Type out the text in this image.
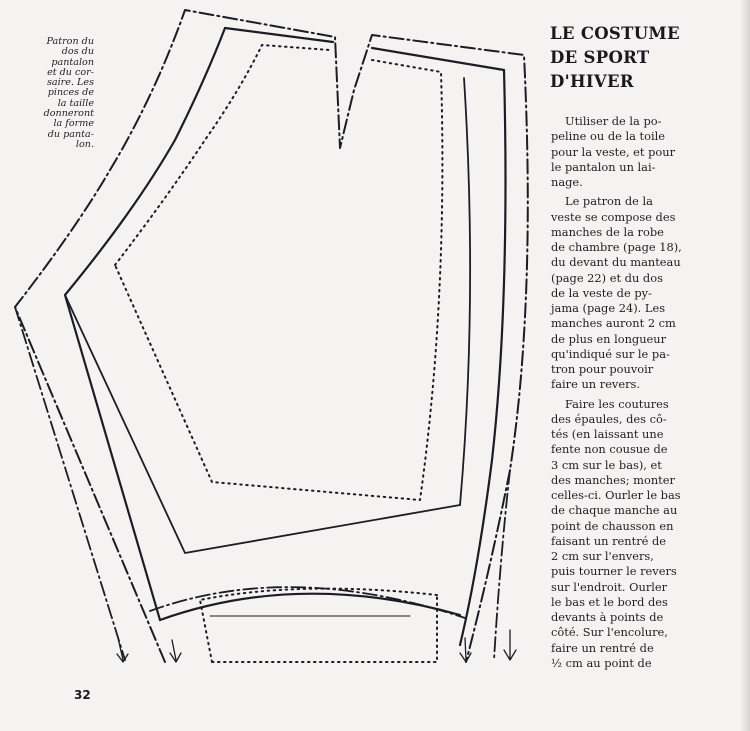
Patron du
dos du
pantalon
et du cor-
saire. Les
pinces de
la taille
donneront
la forme
du panta-
lon.
LE COSTUME
DE SPORT
D'HIVER
Utiliser de la po-
peline ou de la toile
pour la veste, et pour
le pantalon un lai-
nage.
Le patron de la
veste se compose des
manches de la robe
de chambre (page 18),
du devant du manteau
(page 22) et du dos
de la veste de py-
jama (page 24). Les
manches auront 2 cm
de plus en longueur
qu'indiqué sur le pa-
tron pour pouvoir
faire un revers.
Faire les coutures
des épaules, des cô-
tés (en laissant une
fente non cousue de
3 cm sur le bas), et
des manches; monter
celles-ci. Ourler le bas
de chaque manche au
point de chausson en
faisant un rentré de
2 cm sur l'envers,
puis tourner le revers
sur l'endroit. Ourler
le bas et le bord des
devants à points de
côté. Sur l'encolure,
faire un rentré de
½ cm au point de
32
